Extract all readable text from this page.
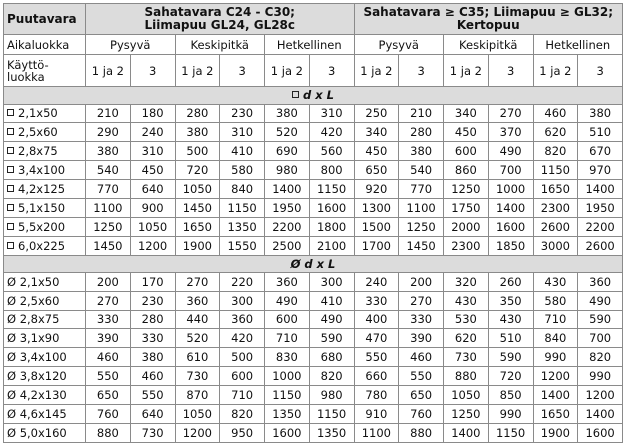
Puutavara	Sahatavara C24 - C30;
Liimapuu GL24, GL28c						Sahatavara ≥ C35; Liimapuu ≥ GL32;
Kertopuu					
Aikaluokka	Pysyvä		Keskipitkä		Hetkellinen		Pysyvä		Keskipitkä		Hetkellinen	
Käyttö-
luokka	1 ja 2	3	1 ja 2	3	1 ja 2	3	1 ja 2	3	1 ja 2	3	1 ja 2	3
d x L												
2,1x50	210	180	280	230	380	310	250	210	340	270	460	380
2,5x60	290	240	380	310	520	420	340	280	450	370	620	510
2,8x75	380	310	500	410	690	560	450	380	600	490	820	670
3,4x100	540	450	720	580	980	800	650	540	860	700	1150	970
4,2x125	770	640	1050	840	1400	1150	920	770	1250	1000	1650	1400
5,1x150	1100	900	1450	1150	1950	1600	1300	1100	1750	1400	2300	1950
5,5x200	1250	1050	1650	1350	2200	1800	1500	1250	2000	1600	2600	2200
6,0x225	1450	1200	1900	1550	2500	2100	1700	1450	2300	1850	3000	2600
Ø d x L												
Ø 2,1x50	200	170	270	220	360	300	240	200	320	260	430	360
Ø 2,5x60	270	230	360	300	490	410	330	270	430	350	580	490
Ø 2,8x75	330	280	440	360	600	490	400	330	530	430	710	590
Ø 3,1x90	390	330	520	420	710	590	470	390	620	510	840	700
Ø 3,4x100	460	380	610	500	830	680	550	460	730	590	990	820
Ø 3,8x120	550	460	730	600	1000	820	660	550	880	720	1200	990
Ø 4,2x130	650	550	870	710	1150	980	780	650	1050	850	1400	1200
Ø 4,6x145	760	640	1050	820	1350	1150	910	760	1250	990	1650	1400
Ø 5,0x160	880	730	1200	950	1600	1350	1100	880	1400	1150	1900	1600
